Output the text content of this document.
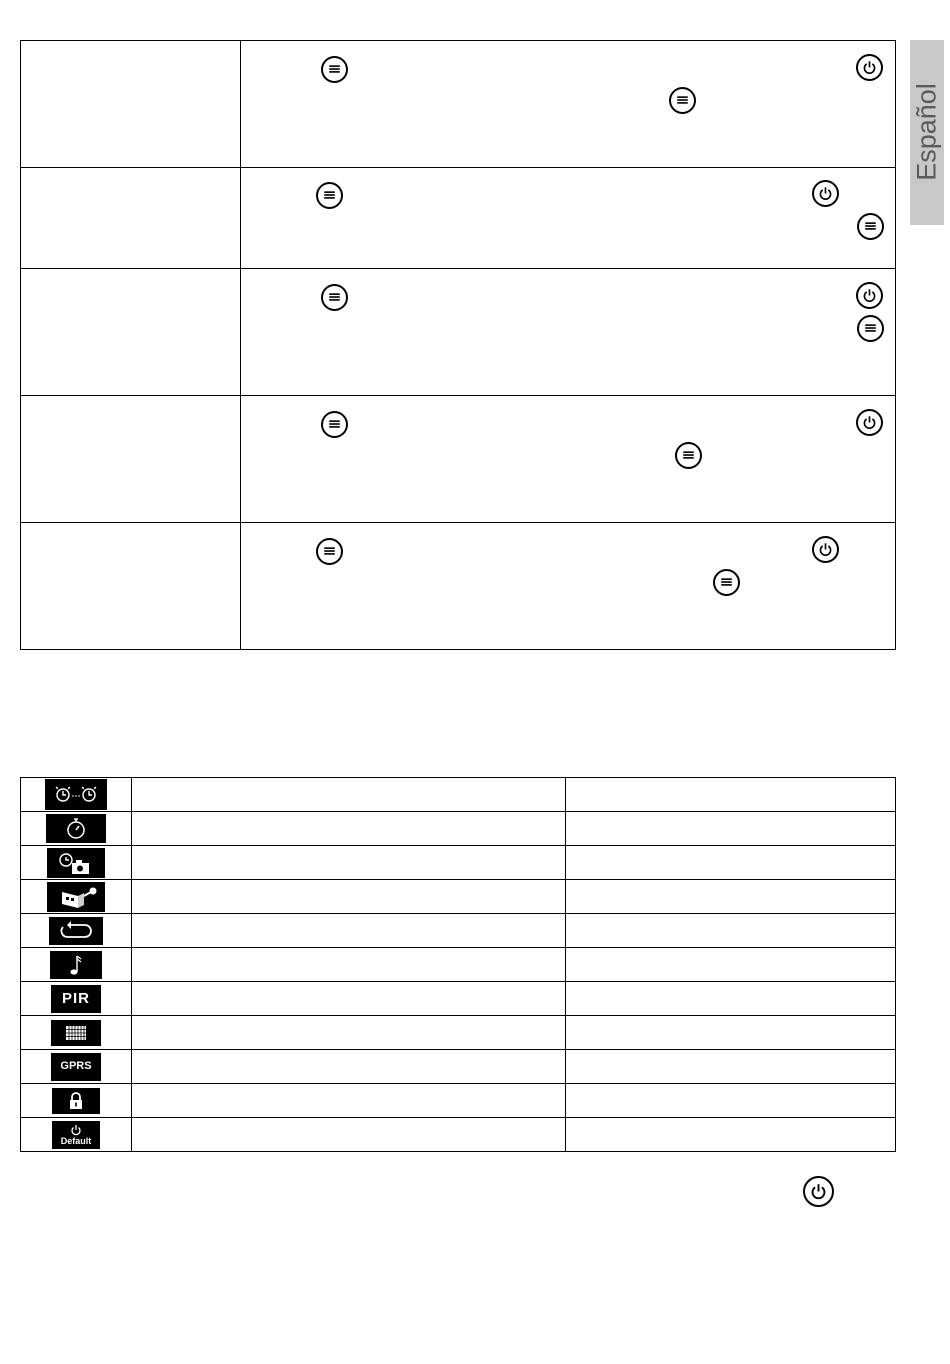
Español

PIR		

GPRS		

Default		
